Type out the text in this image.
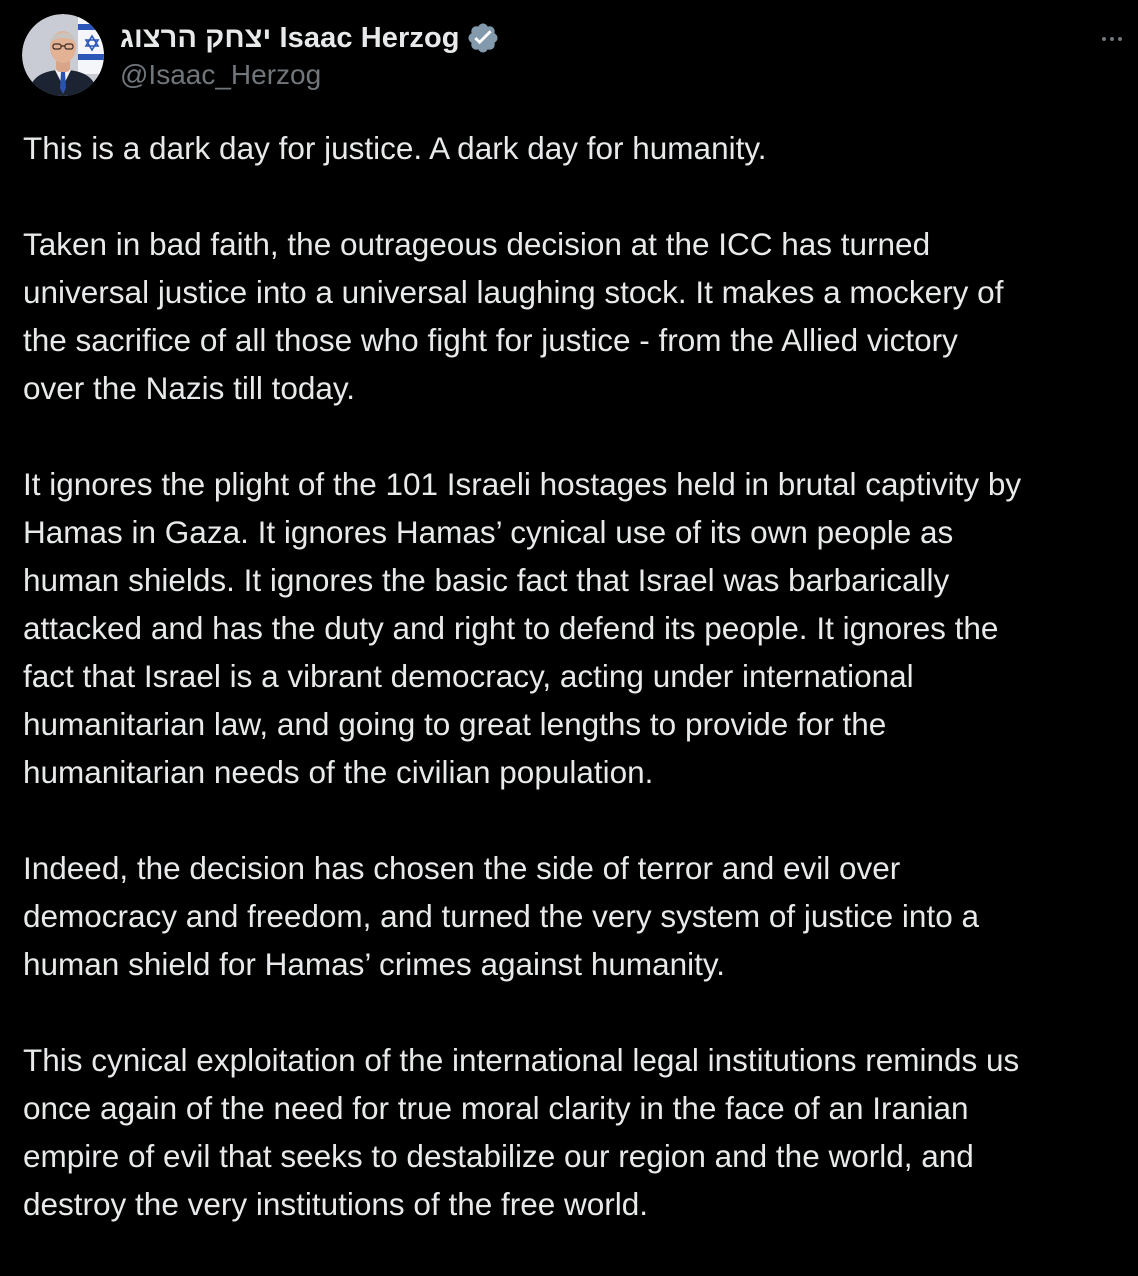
יצחק הרצוג Isaac Herzog
@Isaac_Herzog
This is a dark day for justice. A dark day for humanity.
Taken in bad faith, the outrageous decision at the ICC has turned
universal justice into a universal laughing stock. It makes a mockery of
the sacrifice of all those who fight for justice - from the Allied victory
over the Nazis till today.
It ignores the plight of the 101 Israeli hostages held in brutal captivity by
Hamas in Gaza. It ignores Hamas’ cynical use of its own people as
human shields. It ignores the basic fact that Israel was barbarically
attacked and has the duty and right to defend its people. It ignores the
fact that Israel is a vibrant democracy, acting under international
humanitarian law, and going to great lengths to provide for the
humanitarian needs of the civilian population.
Indeed, the decision has chosen the side of terror and evil over
democracy and freedom, and turned the very system of justice into a
human shield for Hamas’ crimes against humanity.
This cynical exploitation of the international legal institutions reminds us
once again of the need for true moral clarity in the face of an Iranian
empire of evil that seeks to destabilize our region and the world, and
destroy the very institutions of the free world.
